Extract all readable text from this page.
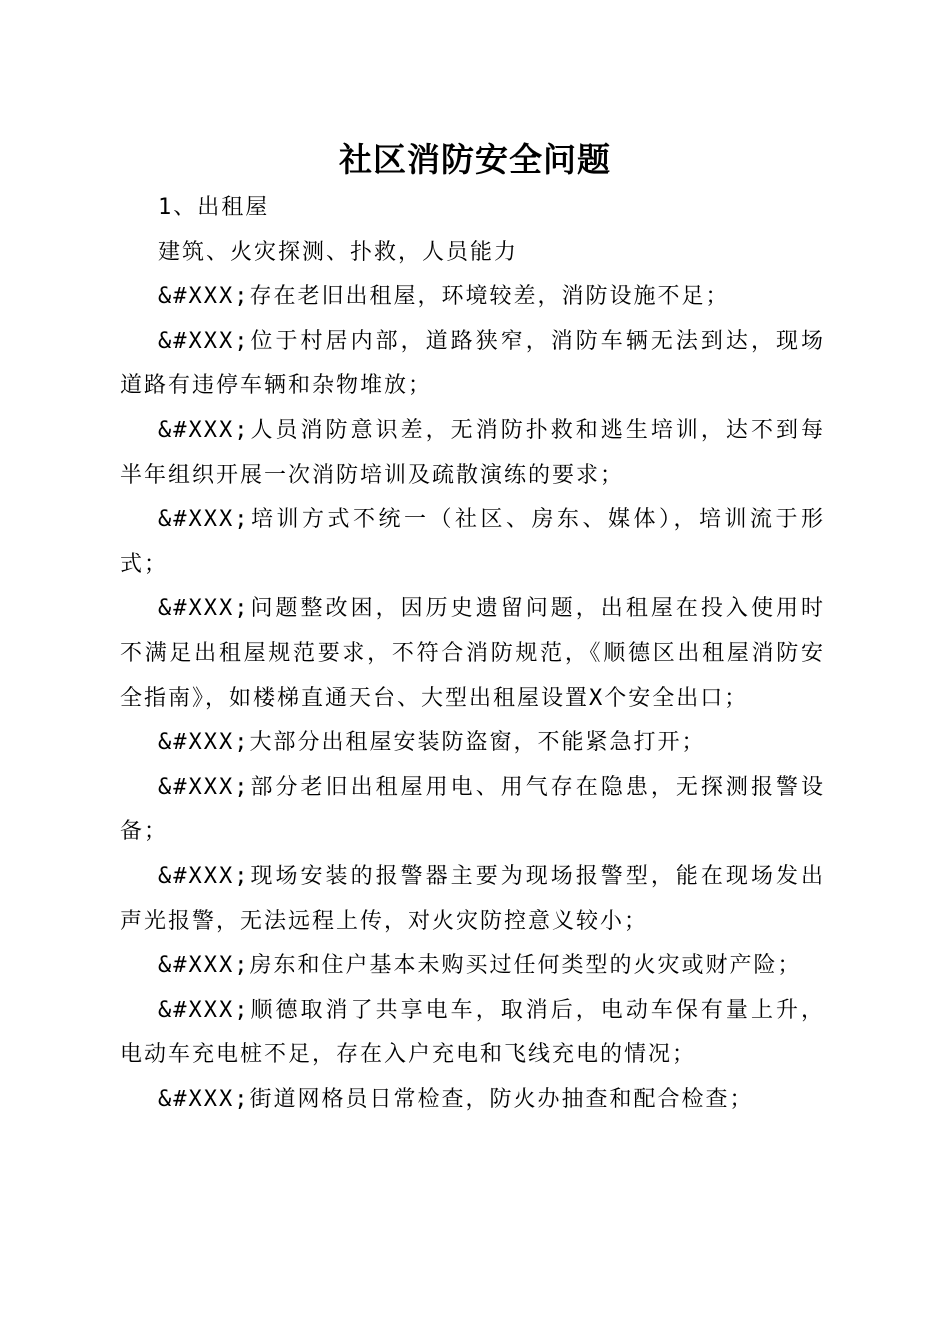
社区消防安全问题

1、出租屋

建筑、火灾探测、扑救，人员能力

&#XXX;存在老旧出租屋，环境较差，消防设施不足；

&#XXX;位于村居内部，道路狭窄，消防车辆无法到达，现场道路有违停车辆和杂物堆放；

&#XXX;人员消防意识差，无消防扑救和逃生培训，达不到每半年组织开展一次消防培训及疏散演练的要求；

&#XXX;培训方式不统一（社区、房东、媒体），培训流于形式；

&#XXX;问题整改困，因历史遗留问题，出租屋在投入使用时不满足出租屋规范要求，不符合消防规范，《顺德区出租屋消防安全指南》，如楼梯直通天台、大型出租屋设置X个安全出口；

&#XXX;大部分出租屋安装防盗窗，不能紧急打开；

&#XXX;部分老旧出租屋用电、用气存在隐患，无探测报警设备；

&#XXX;现场安装的报警器主要为现场报警型，能在现场发出声光报警，无法远程上传，对火灾防控意义较小；

&#XXX;房东和住户基本未购买过任何类型的火灾或财产险；

&#XXX;顺德取消了共享电车，取消后，电动车保有量上升，电动车充电桩不足，存在入户充电和飞线充电的情况；

&#XXX;街道网格员日常检查，防火办抽查和配合检查；
